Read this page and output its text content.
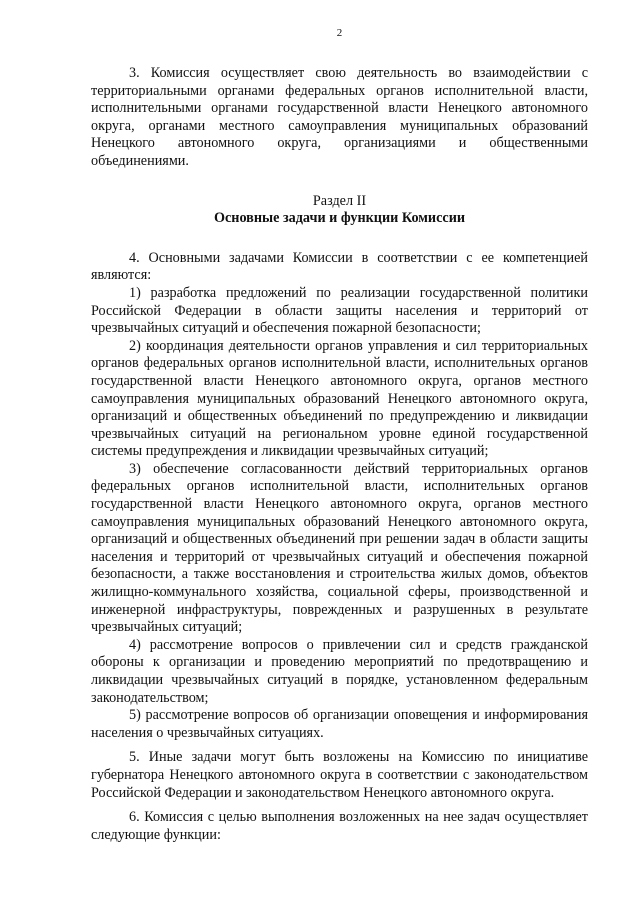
2

3. Комиссия осуществляет свою деятельность во взаимодействии с территориальными органами федеральных органов исполнительной власти, исполнительными органами государственной власти Ненецкого автономного округа, органами местного самоуправления муниципальных образований Ненецкого автономного округа, организациями и общественными объединениями.

Раздел II
Основные задачи и функции Комиссии

4. Основными задачами Комиссии в соответствии с ее компетенцией являются:

1) разработка предложений по реализации государственной политики Российской Федерации в области защиты населения и территорий от чрезвычайных ситуаций и обеспечения пожарной безопасности;

2) координация деятельности органов управления и сил территориальных органов федеральных органов исполнительной власти, исполнительных органов государственной власти Ненецкого автономного округа, органов местного самоуправления муниципальных образований Ненецкого автономного округа, организаций и общественных объединений по предупреждению и ликвидации чрезвычайных ситуаций на региональном уровне единой государственной системы предупреждения и ликвидации чрезвычайных ситуаций;

3) обеспечение согласованности действий территориальных органов федеральных органов исполнительной власти, исполнительных органов государственной власти Ненецкого автономного округа, органов местного самоуправления муниципальных образований Ненецкого автономного округа, организаций и общественных объединений при решении задач в области защиты населения и территорий от чрезвычайных ситуаций и обеспечения пожарной безопасности, а также восстановления и строительства жилых домов, объектов жилищно-коммунального хозяйства, социальной сферы, производственной и инженерной инфраструктуры, поврежденных и разрушенных в результате чрезвычайных ситуаций;

4) рассмотрение вопросов о привлечении сил и средств гражданской обороны к организации и проведению мероприятий по предотвращению и ликвидации чрезвычайных ситуаций в порядке, установленном федеральным законодательством;

5) рассмотрение вопросов об организации оповещения и информирования населения о чрезвычайных ситуациях.

5. Иные задачи могут быть возложены на Комиссию по инициативе губернатора Ненецкого автономного округа в соответствии с законодательством Российской Федерации и законодательством Ненецкого автономного округа.

6. Комиссия с целью выполнения возложенных на нее задач осуществляет следующие функции:
